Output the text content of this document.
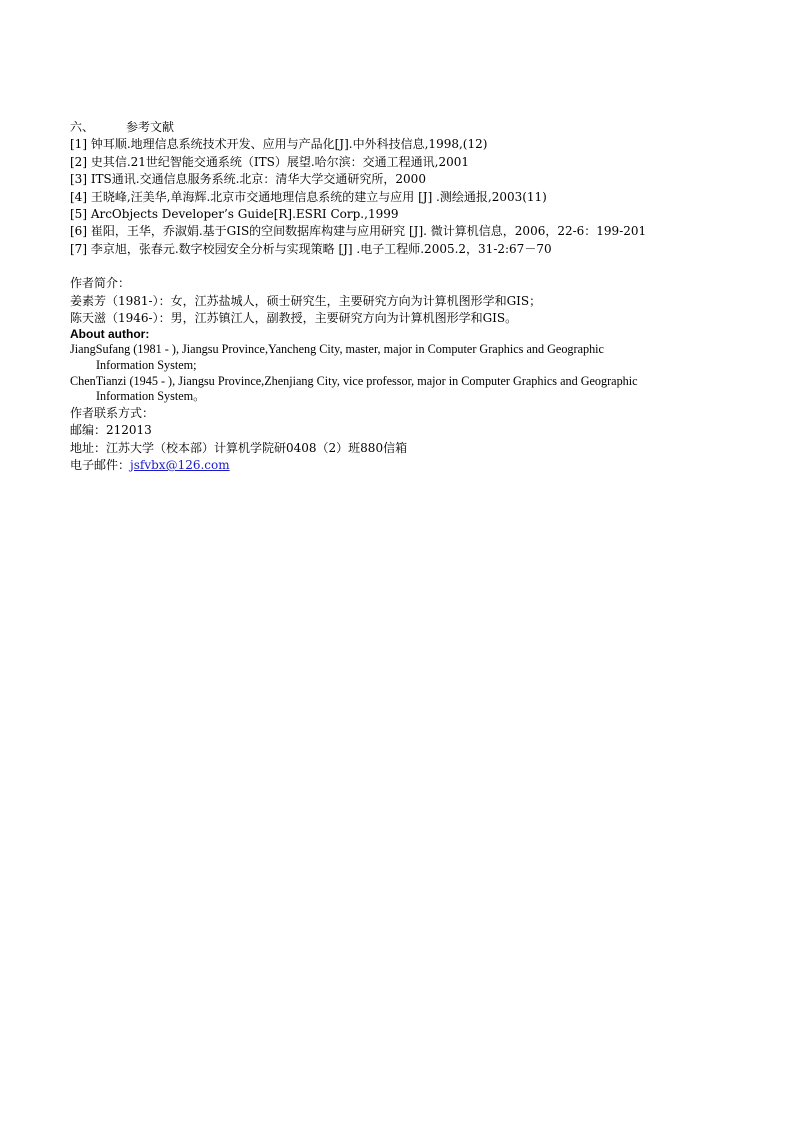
六、	参考文献
[1] 钟耳顺.地理信息系统技术开发、应用与产品化[J].中外科技信息,1998,(12)
[2] 史其信.21世纪智能交通系统（ITS）展望.哈尔滨：交通工程通讯,2001
[3] ITS通讯.交通信息服务系统.北京：清华大学交通研究所，2000
[4] 王晓峰,汪美华,单海辉.北京市交通地理信息系统的建立与应用 [J] .测绘通报,2003(11)
[5] ArcObjects Developer’s Guide[R].ESRI Corp.,1999
[6] 崔阳，王华，乔淑娟.基于GIS的空间数据库构建与应用研究 [J]. 微计算机信息，2006，22-6：199-201
[7] 李京旭，张春元.数字校园安全分析与实现策略 [J] .电子工程师.2005.2，31-2:67－70
作者简介：
姜素芳（1981-）：女，江苏盐城人，硕士研究生，主要研究方向为计算机图形学和GIS；
陈天滋（1946-）：男，江苏镇江人，副教授，主要研究方向为计算机图形学和GIS。
About author:
JiangSufang (1981 - ), Jiangsu Province,Yancheng City, master, major in Computer Graphics and Geographic
Information System;
ChenTianzi (1945 - ), Jiangsu Province,Zhenjiang City, vice professor, major in Computer Graphics and Geographic
Information System。
作者联系方式：
邮编：212013
地址：江苏大学（校本部）计算机学院研0408（2）班880信箱
电子邮件：jsfvbx@126.com
